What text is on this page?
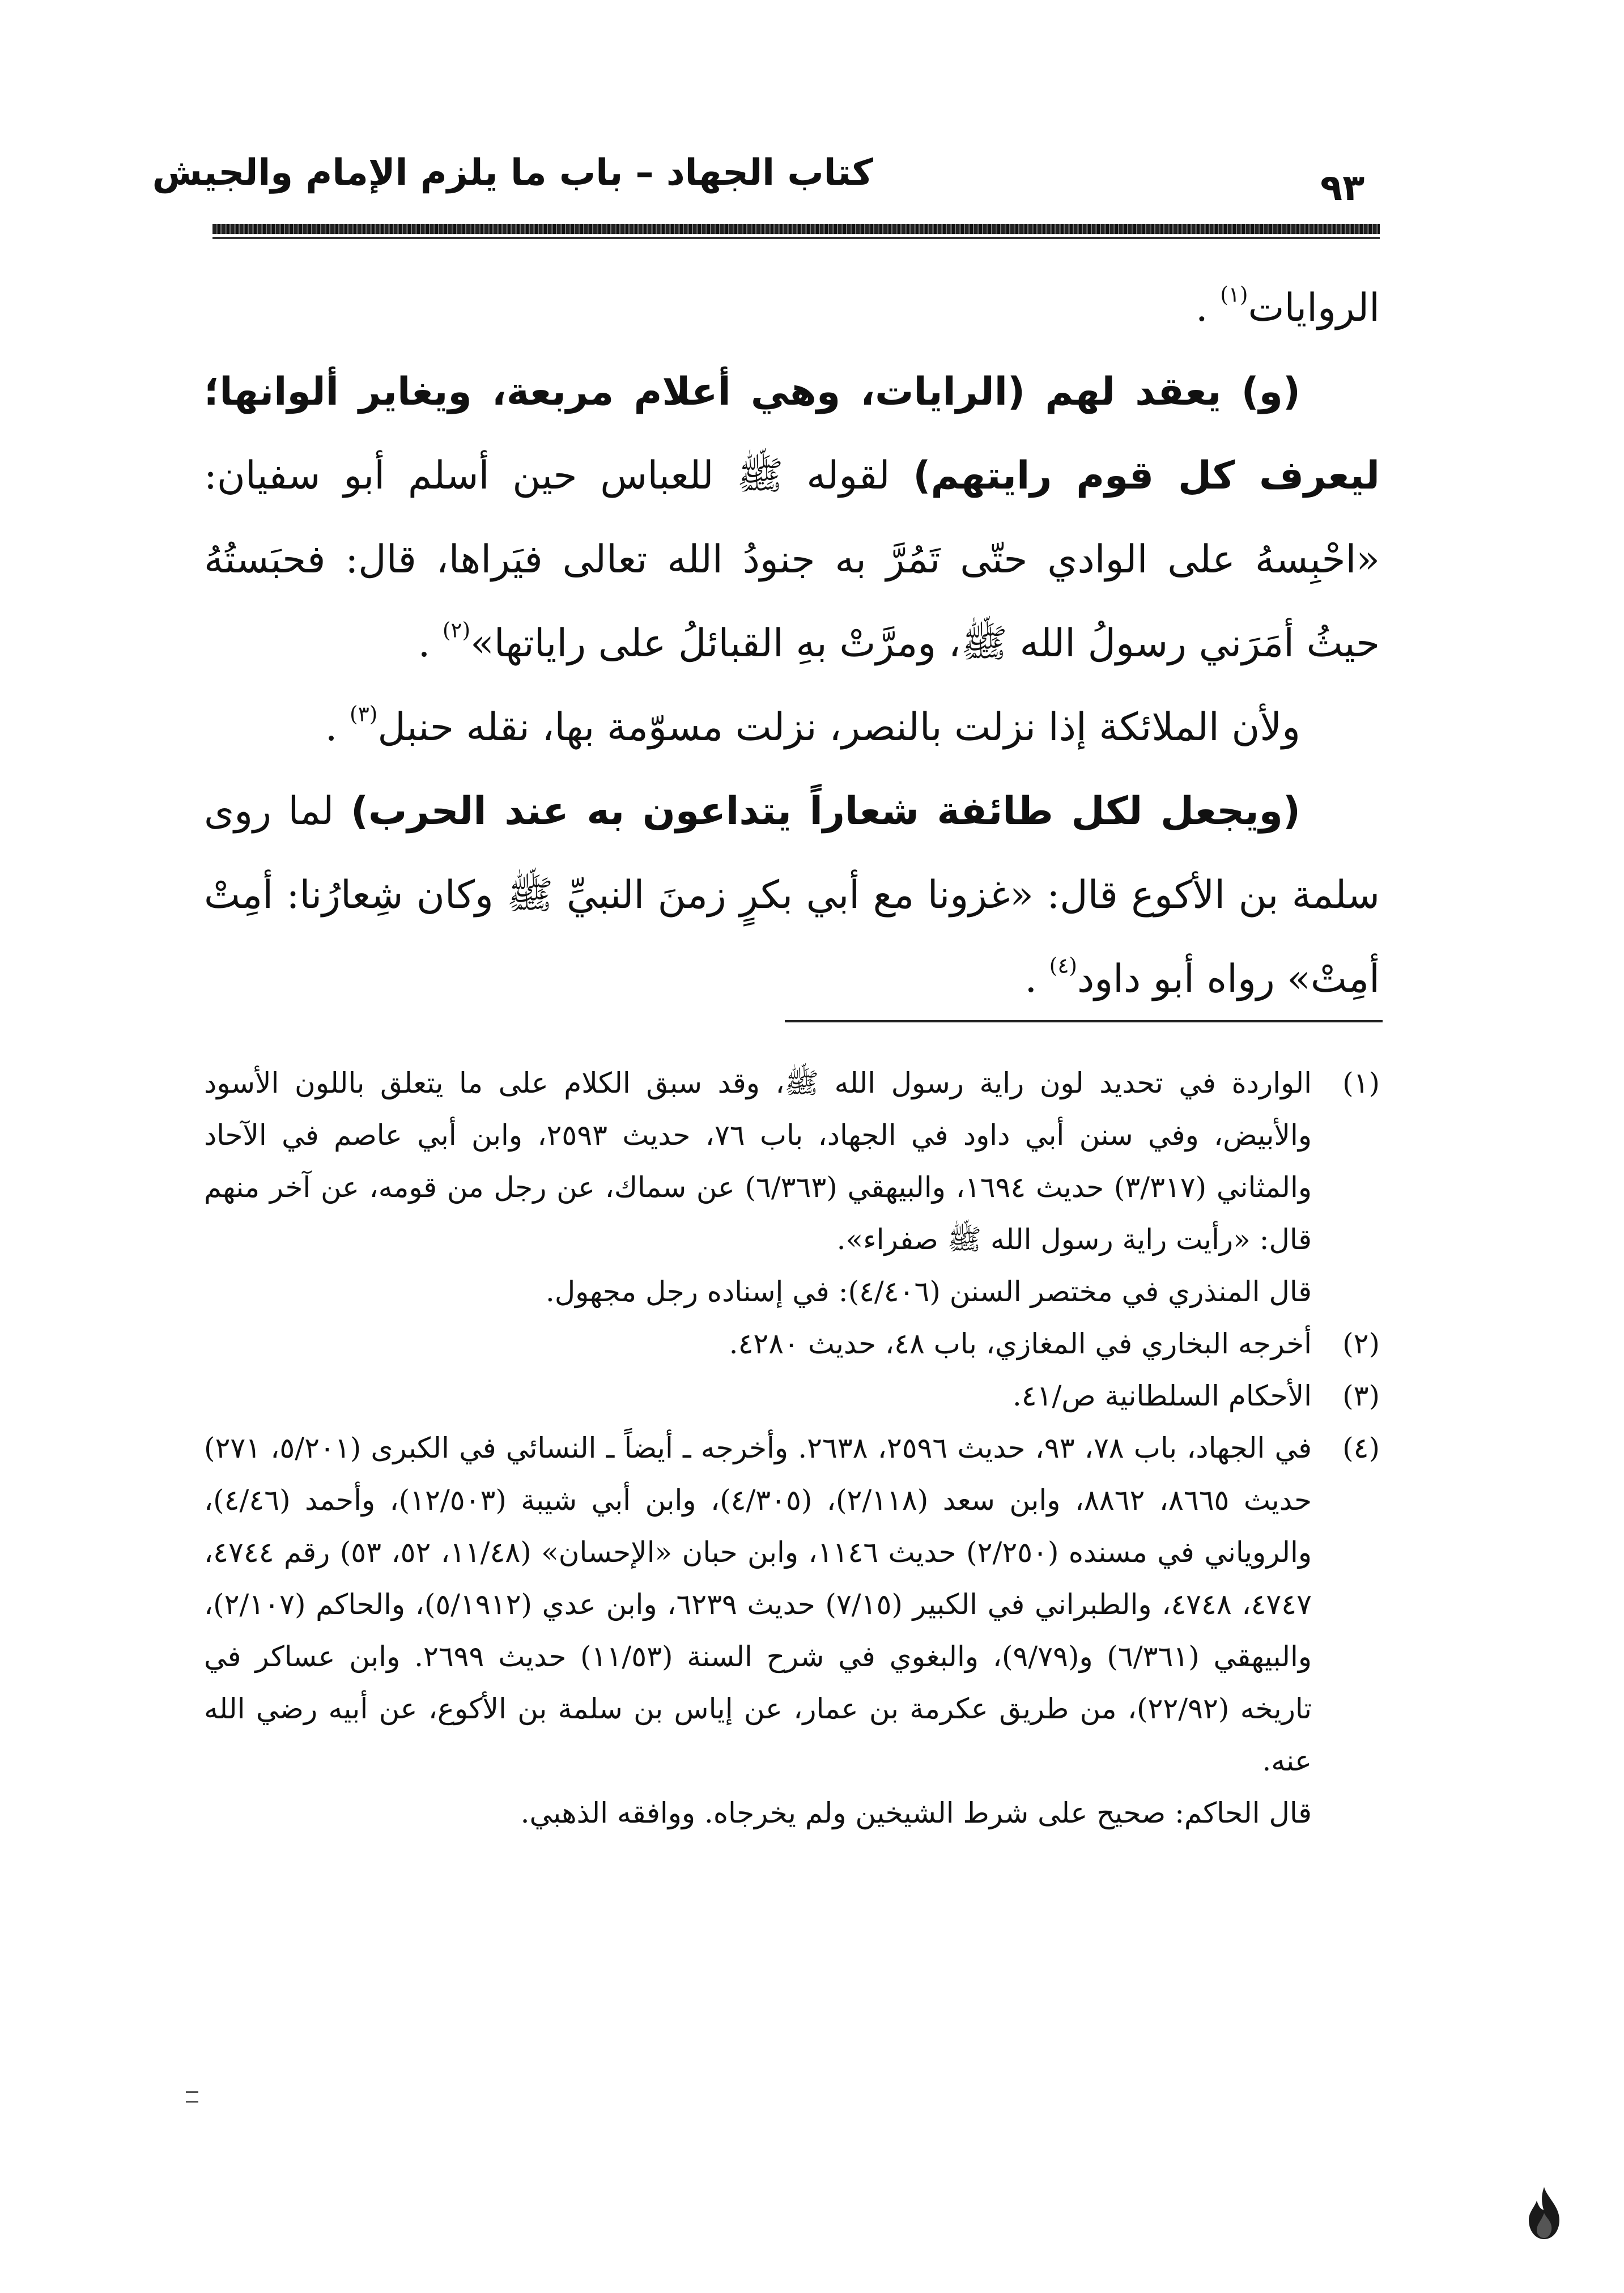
كتاب الجهاد – باب ما يلزم الإمام والجيش	٩٣

الروايات$^{(١)}$ .

(و) يعقد لهم (الرايات، وهي أعلام مربعة، ويغاير ألوانها؛ ليعرف كل قوم رايتهم) لقوله ﷺ للعباس حين أسلم أبو سفيان: «احْبِسهُ على الوادي حتّى تَمُرَّ به جنودُ الله تعالى فيَراها، قال: فحبَستُهُ حيثُ أمَرَني رسولُ الله ﷺ، ومرَّتْ بهِ القبائلُ على راياتها»$^{(٢)}$ .

ولأن الملائكة إذا نزلت بالنصر، نزلت مسوّمة بها، نقله حنبل$^{(٣)}$ .

(ويجعل لكل طائفة شعاراً يتداعون به عند الحرب) لما روى سلمة بن الأكوع قال: «غزونا مع أبي بكرٍ زمنَ النبيِّ ﷺ وكان شِعارُنا: أمِتْ أمِتْ» رواه أبو داود$^{(٤)}$ .

(١)

الواردة في تحديد لون راية رسول الله ﷺ، وقد سبق الكلام على ما يتعلق باللون الأسود والأبيض، وفي سنن أبي داود في الجهاد، باب ٧٦، حديث ٢٥٩٣، وابن أبي عاصم في الآحاد والمثاني (٣/٣١٧) حديث ١٦٩٤، والبيهقي (٦/٣٦٣) عن سماك، عن رجل من قومه، عن آخر منهم قال: «رأيت راية رسول الله ﷺ صفراء».

قال المنذري في مختصر السنن (٤/٤٠٦): في إسناده رجل مجهول.

(٢)

أخرجه البخاري في المغازي، باب ٤٨، حديث ٤٢٨٠.

(٣)

الأحكام السلطانية ص/٤١.

(٤)

في الجهاد، باب ٧٨، ٩٣، حديث ٢٥٩٦، ٢٦٣٨. وأخرجه ـ أيضاً ـ النسائي في الكبرى (٥/٢٠١، ٢٧١) حديث ٨٦٦٥، ٨٨٦٢، وابن سعد (٢/١١٨)، (٤/٣٠٥)، وابن أبي شيبة (١٢/٥٠٣)، وأحمد (٤/٤٦)، والروياني في مسنده (٢/٢٥٠) حديث ١١٤٦، وابن حبان «الإحسان» (١١/٤٨، ٥٢، ٥٣) رقم ٤٧٤٤، ٤٧٤٧، ٤٧٤٨، والطبراني في الكبير (٧/١٥) حديث ٦٢٣٩، وابن عدي (٥/١٩١٢)، والحاكم (٢/١٠٧)، والبيهقي (٦/٣٦١) و(٩/٧٩)، والبغوي في شرح السنة (١١/٥٣) حديث ٢٦٩٩. وابن عساكر في تاريخه (٢٢/٩٢)، من طريق عكرمة بن عمار، عن إياس بن سلمة بن الأكوع، عن أبيه رضي الله عنه.

قال الحاكم: صحيح على شرط الشيخين ولم يخرجاه. ووافقه الذهبي.
